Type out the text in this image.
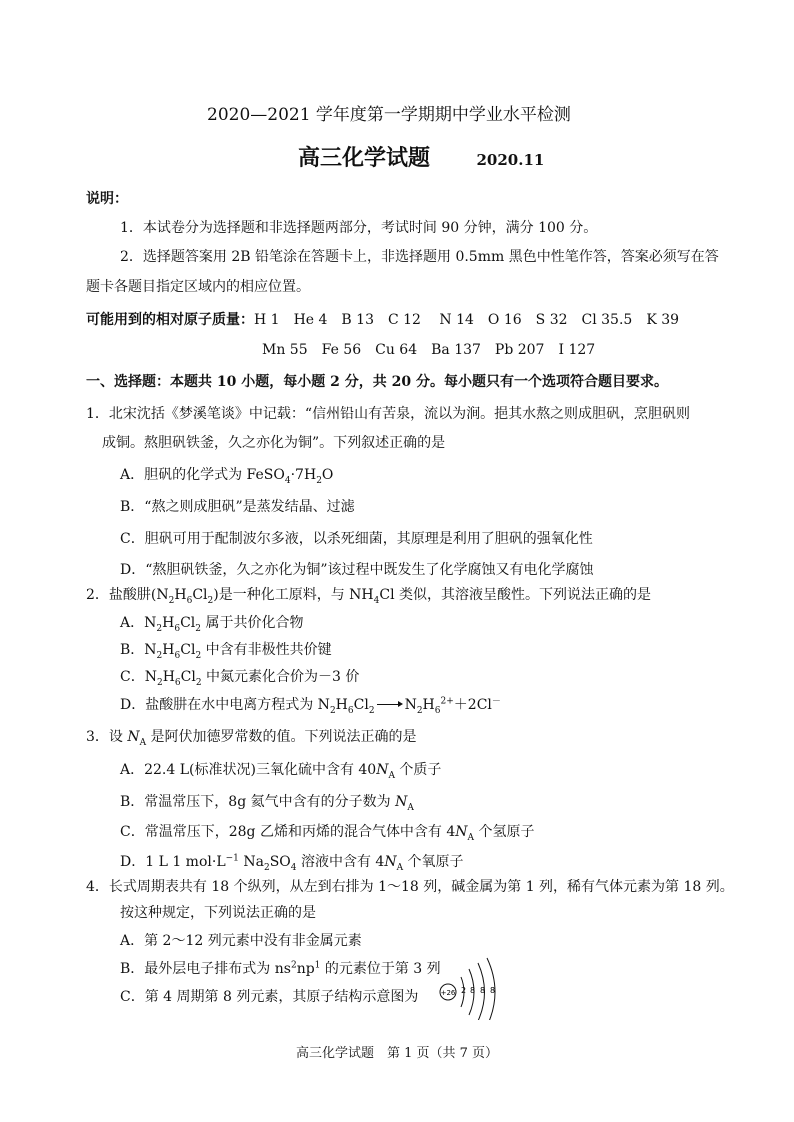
2020—2021 学年度第一学期期中学业水平检测
高三化学试题	2020.11
说明：
1．本试卷分为选择题和非选择题两部分，考试时间 90 分钟，满分 100 分。
2．选择题答案用 2B 铅笔涂在答题卡上，非选择题用 0.5mm 黑色中性笔作答，答案必须写在答
题卡各题目指定区域内的相应位置。
可能用到的相对原子质量：H 1　He 4　B 13　C 12　 N 14　O 16　S 32　Cl 35.5　K 39
Mn 55　Fe 56　Cu 64　Ba 137　Pb 207　I 127
一、选择题：本题共 10 小题，每小题 2 分，共 20 分。每小题只有一个选项符合题目要求。
1．北宋沈括《梦溪笔谈》中记载：“信州铅山有苦泉，流以为涧。挹其水熬之则成胆矾，烹胆矾则
成铜。熬胆矾铁釜，久之亦化为铜”。下列叙述正确的是
A．胆矾的化学式为 $FeSO_4\cdot 7H_2O$
B．“熬之则成胆矾”是蒸发结晶、过滤
C．胆矾可用于配制波尔多液，以杀死细菌，其原理是利用了胆矾的强氧化性
D．“熬胆矾铁釜，久之亦化为铜”该过程中既发生了化学腐蚀又有电化学腐蚀
2．盐酸肼$(N_2H_6Cl_2)$是一种化工原料，与 $NH_4Cl$ 类似，其溶液呈酸性。下列说法正确的是
A．$N_2H_6Cl_2$ 属于共价化合物
B．$N_2H_6Cl_2$ 中含有非极性共价键
C．$N_2H_6Cl_2$ 中氮元素化合价为－3 价
D．盐酸肼在水中电离方程式为 $N_2H_6Cl_2$ $N_2H_6^{2+}+2Cl^-$
3．设 $N_A$ 是阿伏加德罗常数的值。下列说法正确的是
A．22.4 L(标准状况)三氧化硫中含有 $40N_A$ 个质子
B．常温常压下，8g 氦气中含有的分子数为 $N_A$
C．常温常压下，28g 乙烯和丙烯的混合气体中含有 $4N_A$ 个氢原子
D．1 L 1 $mol\cdot L^{-1}$ $Na_2SO_4$ 溶液中含有 $4N_A$ 个氧原子
4．长式周期表共有 18 个纵列，从左到右排为 1～18 列，碱金属为第 1 列，稀有气体元素为第 18 列。
按这种规定，下列说法正确的是
A．第 2～12 列元素中没有非金属元素
B．最外层电子排布式为 $ns^2np^1$ 的元素位于第 3 列
C．第 4 周期第 8 列元素，其原子结构示意图为	+26 2 8 8 8
高三化学试题　第 1 页（共 7 页）
